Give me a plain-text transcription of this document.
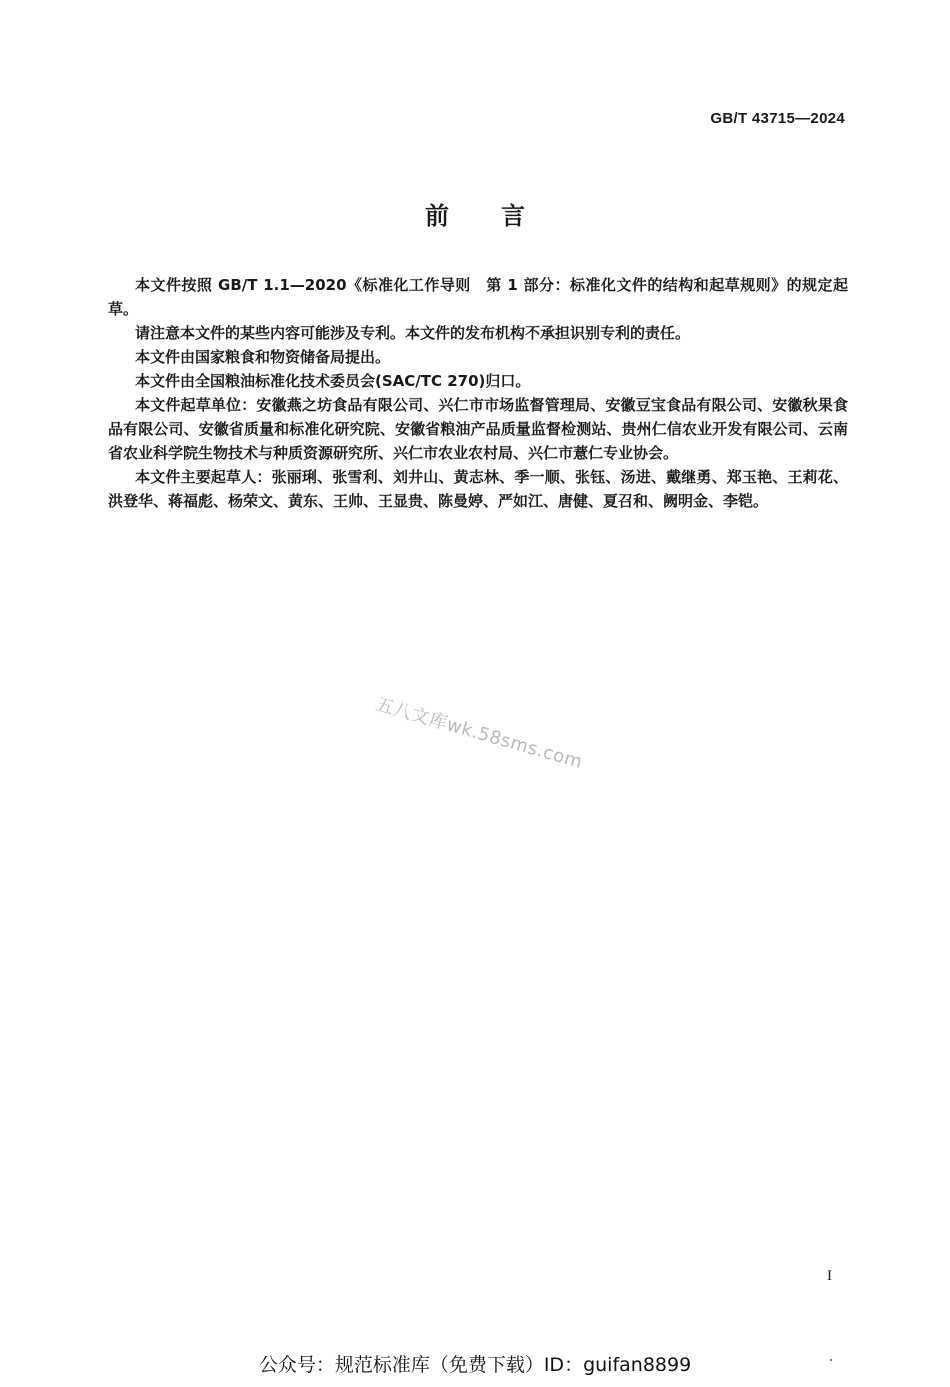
GB/T 43715—2024
前言

本文件按照 GB/T 1.1—2020《标准化工作导则　第 1 部分：标准化文件的结构和起草规则》的规定起草。

请注意本文件的某些内容可能涉及专利。本文件的发布机构不承担识别专利的责任。

本文件由国家粮食和物资储备局提出。

本文件由全国粮油标准化技术委员会(SAC/TC 270)归口。

本文件起草单位：安徽燕之坊食品有限公司、兴仁市市场监督管理局、安徽豆宝食品有限公司、安徽秋果食品有限公司、安徽省质量和标准化研究院、安徽省粮油产品质量监督检测站、贵州仁信农业开发有限公司、云南省农业科学院生物技术与种质资源研究所、兴仁市农业农村局、兴仁市薏仁专业协会。

本文件主要起草人：张丽琍、张雪利、刘井山、黄志林、季一顺、张钰、汤进、戴继勇、郑玉艳、王莉花、洪登华、蒋福彪、杨荣文、黄东、王帅、王显贵、陈曼婷、严如江、唐健、夏召和、阙明金、李铠。

五八文库wk.58sms.com
I
公众号：规范标准库（免费下载）ID：guifan8899
